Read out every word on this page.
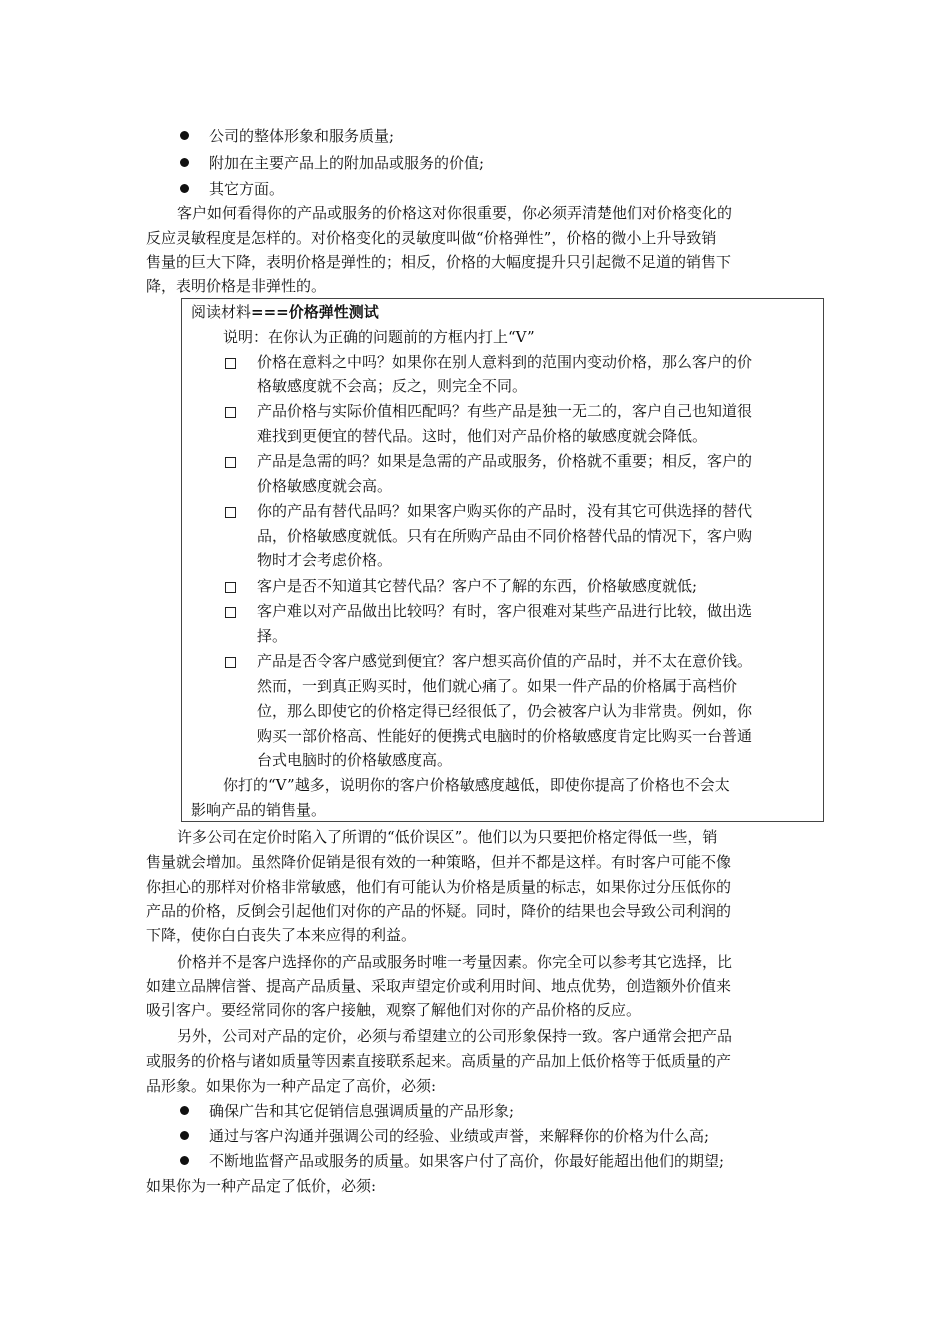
公司的整体形象和服务质量;
附加在主要产品上的附加品或服务的价值;
其它方面。
客户如何看得你的产品或服务的价格这对你很重要，你必须弄清楚他们对价格变化的
反应灵敏程度是怎样的。对价格变化的灵敏度叫做“价格弹性”，价格的微小上升导致销
售量的巨大下降，表明价格是弹性的；相反，价格的大幅度提升只引起微不足道的销售下
降，表明价格是非弹性的。
阅读材料===价格弹性测试
说明：在你认为正确的问题前的方框内打上“V”
价格在意料之中吗？如果你在别人意料到的范围内变动价格，那么客户的价
格敏感度就不会高；反之，则完全不同。
产品价格与实际价值相匹配吗？有些产品是独一无二的，客户自己也知道很
难找到更便宜的替代品。这时，他们对产品价格的敏感度就会降低。
产品是急需的吗？如果是急需的产品或服务，价格就不重要；相反，客户的
价格敏感度就会高。
你的产品有替代品吗？如果客户购买你的产品时，没有其它可供选择的替代
品，价格敏感度就低。只有在所购产品由不同价格替代品的情况下，客户购
物时才会考虑价格。
客户是否不知道其它替代品？客户不了解的东西，价格敏感度就低;
客户难以对产品做出比较吗？有时，客户很难对某些产品进行比较，做出选
择。
产品是否令客户感觉到便宜？客户想买高价值的产品时，并不太在意价钱。
然而，一到真正购买时，他们就心痛了。如果一件产品的价格属于高档价
位，那么即使它的价格定得已经很低了，仍会被客户认为非常贵。例如，你
购买一部价格高、性能好的便携式电脑时的价格敏感度肯定比购买一台普通
台式电脑时的价格敏感度高。
你打的“V”越多，说明你的客户价格敏感度越低，即使你提高了价格也不会太
影响产品的销售量。
许多公司在定价时陷入了所谓的“低价误区”。他们以为只要把价格定得低一些，销
售量就会增加。虽然降价促销是很有效的一种策略，但并不都是这样。有时客户可能不像
你担心的那样对价格非常敏感，他们有可能认为价格是质量的标志，如果你过分压低你的
产品的价格，反倒会引起他们对你的产品的怀疑。同时，降价的结果也会导致公司利润的
下降，使你白白丧失了本来应得的利益。
价格并不是客户选择你的产品或服务时唯一考量因素。你完全可以参考其它选择，比
如建立品牌信誉、提高产品质量、采取声望定价或利用时间、地点优势，创造额外价值来
吸引客户。要经常同你的客户接触，观察了解他们对你的产品价格的反应。
另外，公司对产品的定价，必须与希望建立的公司形象保持一致。客户通常会把产品
或服务的价格与诸如质量等因素直接联系起来。高质量的产品加上低价格等于低质量的产
品形象。如果你为一种产品定了高价，必须:
确保广告和其它促销信息强调质量的产品形象;
通过与客户沟通并强调公司的经验、业绩或声誉，来解释你的价格为什么高;
不断地监督产品或服务的质量。如果客户付了高价，你最好能超出他们的期望;
如果你为一种产品定了低价，必须:
